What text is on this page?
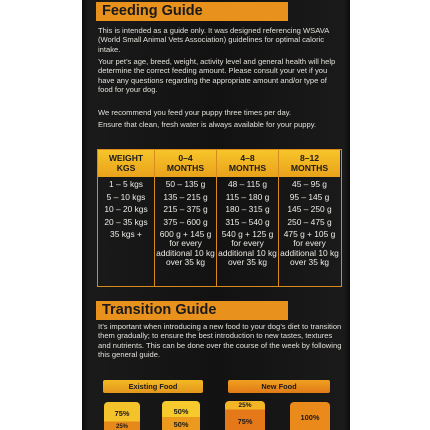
Feeding Guide

This is intended as a guide only. It was designed referencing WSAVA (World Small Animal Vets Association) guidelines for optimal caloric intake.

Your pet’s age, breed, weight, activity level and general health will help determine the correct feeding amount. Please consult your vet if you have any questions regarding the appropriate amount and/or type of food for your dog.

We recommend you feed your puppy three times per day.

Ensure that clean, fresh water is always available for your puppy.

WEIGHT
KGS
1 – 5 kgs
5 – 10 kgs
10 – 20 kgs
20 – 35 kgs
35 kgs +
0–4
MONTHS
50 – 135 g
135 – 215 g
215 – 375 g
375 – 600 g
600 g + 145 g for every additional 10 kg over 35 kg
4–8
MONTHS
48 – 115 g
115 – 180 g
180 – 315 g
315 – 540 g
540 g + 125 g for every additional 10 kg over 35 kg
8–12
MONTHS
45 – 95 g
95 – 145 g
145 – 250 g
250 – 475 g
475 g + 105 g for every additional 10 kg over 35 kg
Transition Guide

It’s important when introducing a new food to your dog’s diet to transition them gradually; to ensure the best introduction to new tastes, textures and nutrients. This can be done over the course of the week by following this general guide.

Existing Food	New Food
75%
25%
50%
50%
25%
75%	100%
